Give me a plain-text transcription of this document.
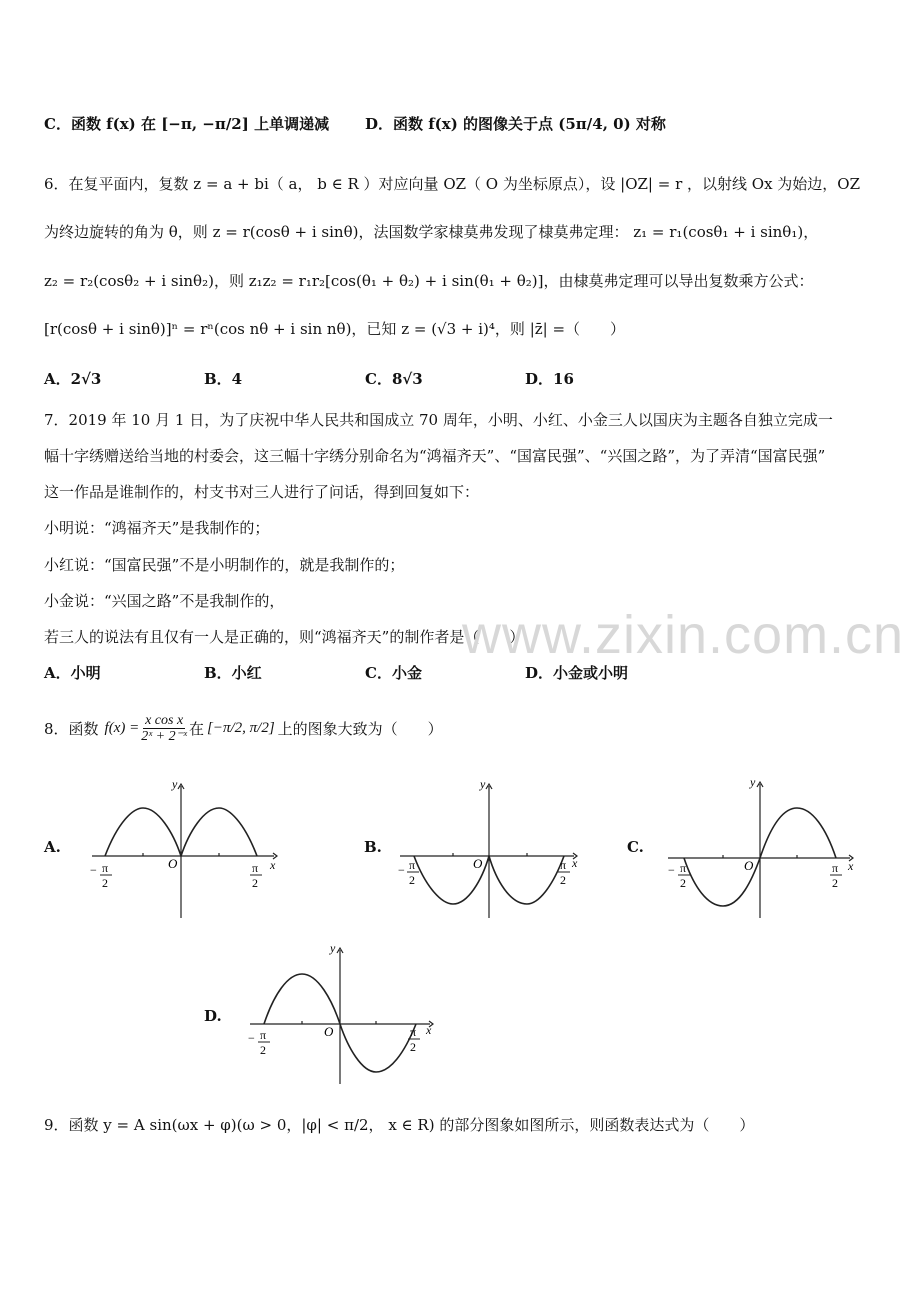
C．函数 f(x) 在 [−π, −π/2] 上单调递减 D．函数 f(x) 的图像关于点 (5π/4, 0) 对称
6．在复平面内，复数 z = a + bi（ a， b ∈ R ）对应向量 OZ（ O 为坐标原点），设 |OZ| = r ，以射线 Ox 为始边，OZ
为终边旋转的角为 θ，则 z = r(cosθ + i sinθ)，法国数学家棣莫弗发现了棣莫弗定理： z₁ = r₁(cosθ₁ + i sinθ₁)，
z₂ = r₂(cosθ₂ + i sinθ₂)，则 z₁z₂ = r₁r₂[cos(θ₁ + θ₂) + i sin(θ₁ + θ₂)]，由棣莫弗定理可以导出复数乘方公式：
[r(cosθ + i sinθ)]ⁿ = rⁿ(cos nθ + i sin nθ)，已知 z = (√3 + i)⁴，则 |z̄| =（　　）
A．2√3	B．4	C．8√3	D．16
7．2019 年 10 月 1 日，为了庆祝中华人民共和国成立 70 周年，小明、小红、小金三人以国庆为主题各自独立完成一
幅十字绣赠送给当地的村委会，这三幅十字绣分别命名为“鸿福齐天”、“国富民强”、“兴国之路”，为了弄清“国富民强”
这一作品是谁制作的，村支书对三人进行了问话，得到回复如下：
小明说：“鸿福齐天”是我制作的；
小红说：“国富民强”不是小明制作的，就是我制作的；
小金说：“兴国之路”不是我制作的，
若三人的说法有且仅有一人是正确的，则“鸿福齐天”的制作者是（　　）
A．小明	B．小红	C．小金	D．小金或小明
www.zixin.com.cn
8．函数 $f(x) = \frac{\text{x cos x}}{\text{2ˣ + 2⁻ˣ}}$ 在 [−π/2, π/2] 上的图象大致为（　　）
A.	B.	C.
D.
y
x
O
− π
2
π
2
y
x
O
− π
2
π
2
y
x
O
− π
2
π
2
y
x
O
− π
2
π
2
9．函数 y = A sin(ωx + φ)(ω > 0，|φ| < π/2， x ∈ R) 的部分图象如图所示，则函数表达式为（　　）
